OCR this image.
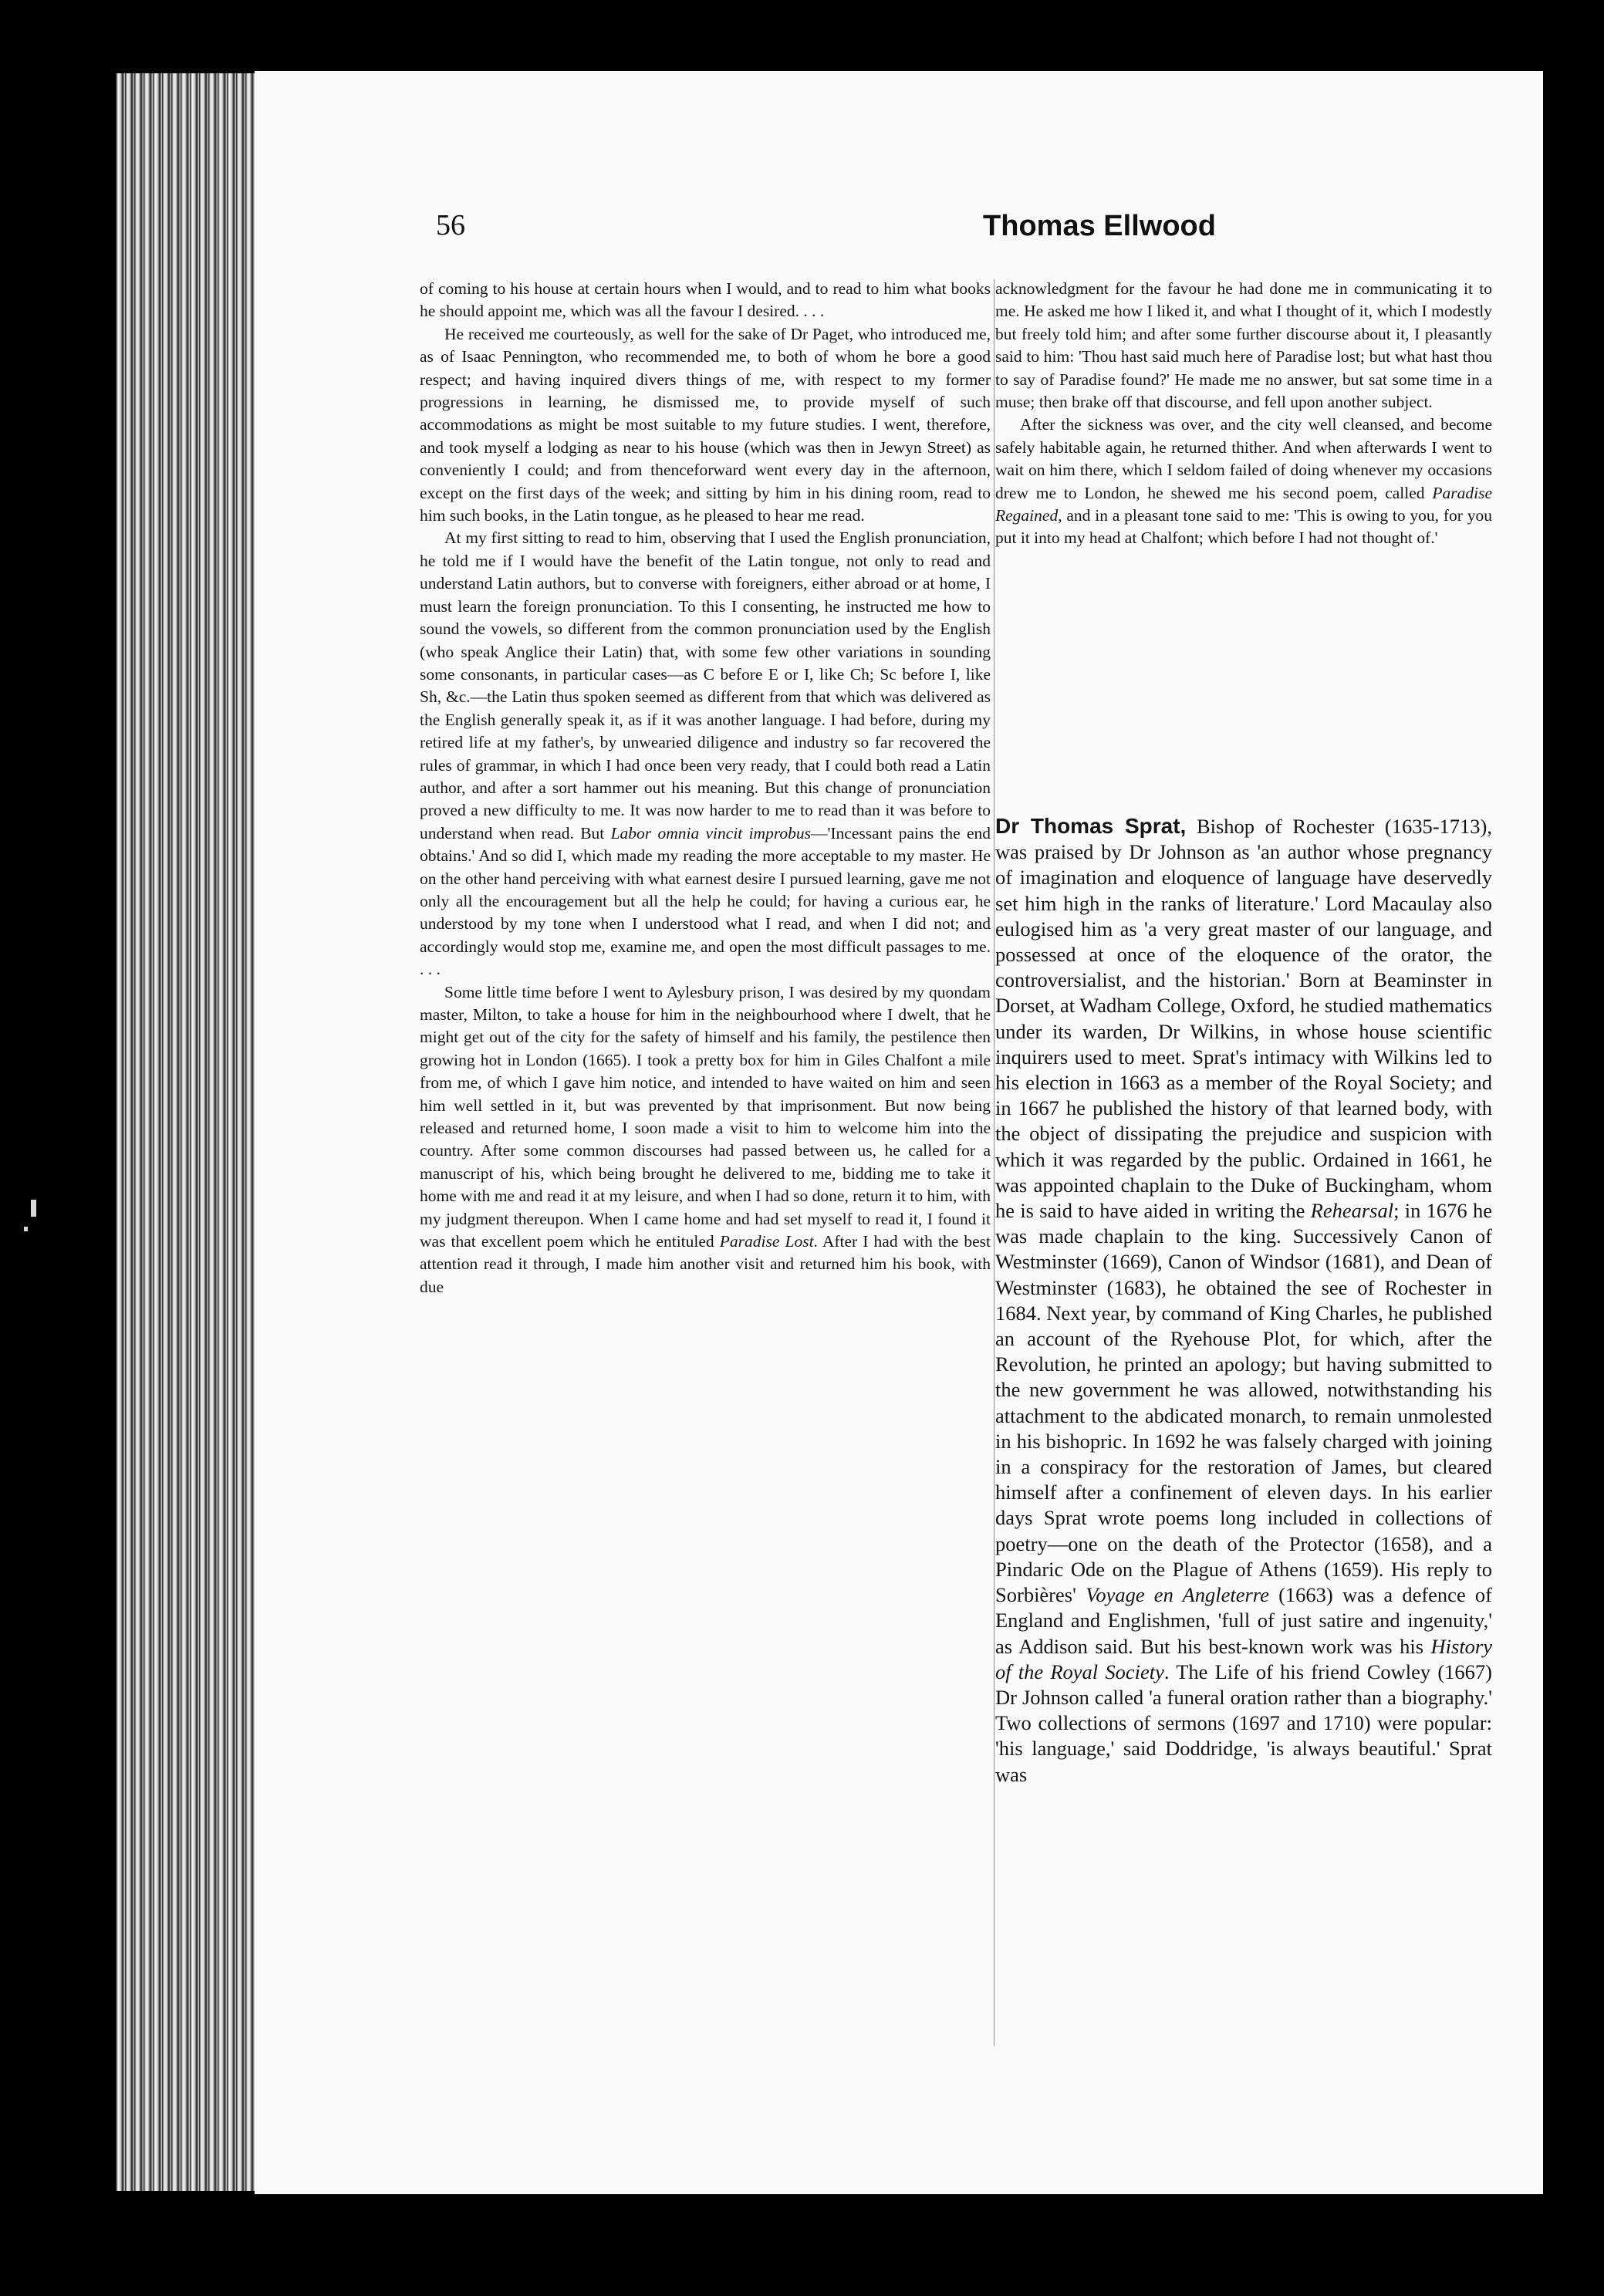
56	Thomas Ellwood

of coming to his house at certain hours when I would, and to read to him what books he should appoint me, which was all the favour I desired. . . .

He received me courteously, as well for the sake of Dr Paget, who introduced me, as of Isaac Pennington, who recommended me, to both of whom he bore a good respect; and having inquired divers things of me, with respect to my former progressions in learning, he dismissed me, to provide myself of such accommodations as might be most suitable to my future studies. I went, therefore, and took myself a lodging as near to his house (which was then in Jewyn Street) as conveniently I could; and from thenceforward went every day in the afternoon, except on the first days of the week; and sitting by him in his dining room, read to him such books, in the Latin tongue, as he pleased to hear me read.

At my first sitting to read to him, observing that I used the English pronunciation, he told me if I would have the benefit of the Latin tongue, not only to read and understand Latin authors, but to converse with foreigners, either abroad or at home, I must learn the foreign pronunciation. To this I consenting, he instructed me how to sound the vowels, so different from the common pronunciation used by the English (who speak Anglice their Latin) that, with some few other variations in sounding some consonants, in particular cases—as C before E or I, like Ch; Sc before I, like Sh, &c.—the Latin thus spoken seemed as different from that which was delivered as the English generally speak it, as if it was another language. I had before, during my retired life at my father's, by unwearied diligence and industry so far recovered the rules of grammar, in which I had once been very ready, that I could both read a Latin author, and after a sort hammer out his meaning. But this change of pronunciation proved a new difficulty to me. It was now harder to me to read than it was before to understand when read. But Labor omnia vincit improbus—'Incessant pains the end obtains.' And so did I, which made my reading the more acceptable to my master. He on the other hand perceiving with what earnest desire I pursued learning, gave me not only all the encouragement but all the help he could; for having a curious ear, he understood by my tone when I understood what I read, and when I did not; and accordingly would stop me, examine me, and open the most difficult passages to me. . . .

Some little time before I went to Aylesbury prison, I was desired by my quondam master, Milton, to take a house for him in the neighbourhood where I dwelt, that he might get out of the city for the safety of himself and his family, the pestilence then growing hot in London (1665). I took a pretty box for him in Giles Chalfont a mile from me, of which I gave him notice, and intended to have waited on him and seen him well settled in it, but was prevented by that imprisonment. But now being released and returned home, I soon made a visit to him to welcome him into the country. After some common discourses had passed between us, he called for a manuscript of his, which being brought he delivered to me, bidding me to take it home with me and read it at my leisure, and when I had so done, return it to him, with my judgment thereupon. When I came home and had set myself to read it, I found it was that excellent poem which he entituled Paradise Lost. After I had with the best attention read it through, I made him another visit and returned him his book, with due

acknowledgment for the favour he had done me in communicating it to me. He asked me how I liked it, and what I thought of it, which I modestly but freely told him; and after some further discourse about it, I pleasantly said to him: 'Thou hast said much here of Paradise lost; but what hast thou to say of Paradise found?' He made me no answer, but sat some time in a muse; then brake off that discourse, and fell upon another subject.

After the sickness was over, and the city well cleansed, and become safely habitable again, he returned thither. And when afterwards I went to wait on him there, which I seldom failed of doing whenever my occasions drew me to London, he shewed me his second poem, called Paradise Regained, and in a pleasant tone said to me: 'This is owing to you, for you put it into my head at Chalfont; which before I had not thought of.'

Dr Thomas Sprat, Bishop of Rochester (1635-1713), was praised by Dr Johnson as 'an author whose pregnancy of imagination and eloquence of language have deservedly set him high in the ranks of literature.' Lord Macaulay also eulogised him as 'a very great master of our language, and possessed at once of the eloquence of the orator, the controversialist, and the historian.' Born at Beaminster in Dorset, at Wadham College, Oxford, he studied mathematics under its warden, Dr Wilkins, in whose house scientific inquirers used to meet. Sprat's intimacy with Wilkins led to his election in 1663 as a member of the Royal Society; and in 1667 he published the history of that learned body, with the object of dissipating the prejudice and suspicion with which it was regarded by the public. Ordained in 1661, he was appointed chaplain to the Duke of Buckingham, whom he is said to have aided in writing the Rehearsal; in 1676 he was made chaplain to the king. Successively Canon of Westminster (1669), Canon of Windsor (1681), and Dean of Westminster (1683), he obtained the see of Rochester in 1684. Next year, by command of King Charles, he published an account of the Ryehouse Plot, for which, after the Revolution, he printed an apology; but having submitted to the new government he was allowed, notwithstanding his attachment to the abdicated monarch, to remain unmolested in his bishopric. In 1692 he was falsely charged with joining in a conspiracy for the restoration of James, but cleared himself after a confinement of eleven days. In his earlier days Sprat wrote poems long included in collections of poetry—one on the death of the Protector (1658), and a Pindaric Ode on the Plague of Athens (1659). His reply to Sorbières' Voyage en Angleterre (1663) was a defence of England and Englishmen, 'full of just satire and ingenuity,' as Addison said. But his best-known work was his History of the Royal Society. The Life of his friend Cowley (1667) Dr Johnson called 'a funeral oration rather than a biography.' Two collections of sermons (1697 and 1710) were popular: 'his language,' said Doddridge, 'is always beautiful.' Sprat was
